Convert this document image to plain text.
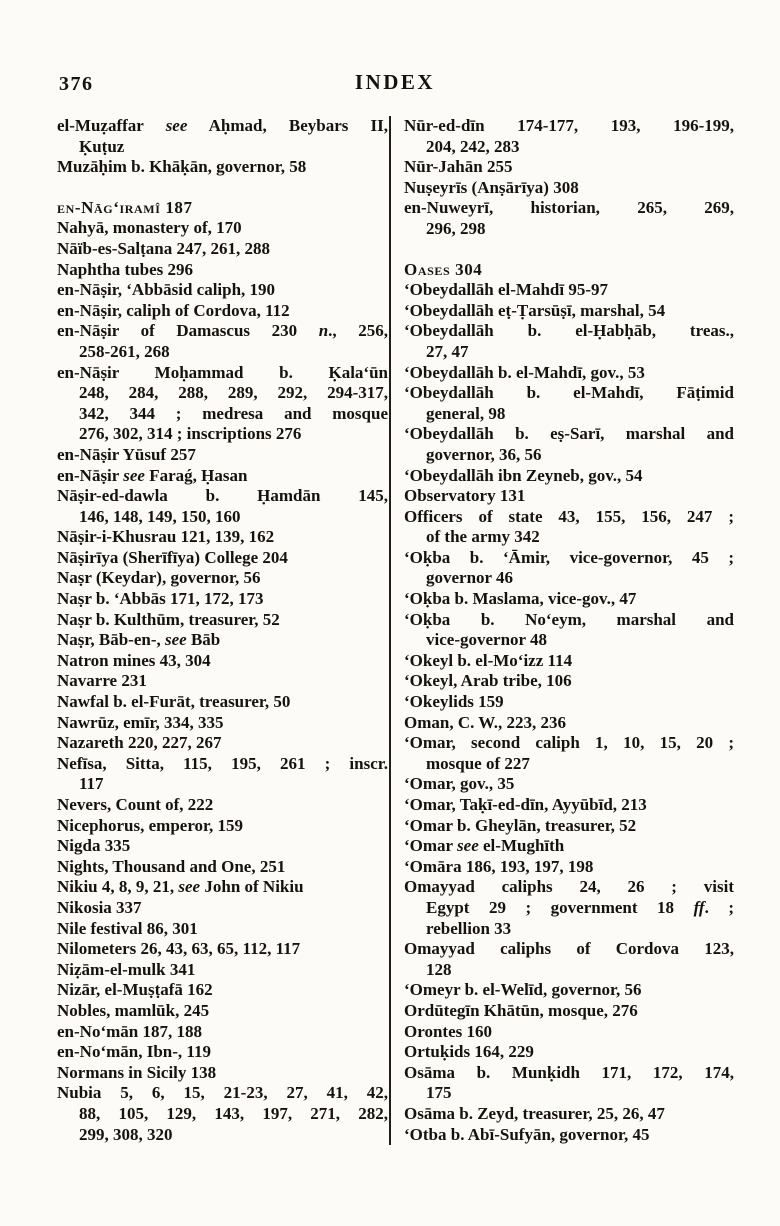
376	INDEX
el-Muẓaffar see Aḥmad, Beybars II,
Ḳuṭuz
Muzāḥim b. Khāḳān, governor, 58
en-Nāgʻiramî 187
Nahyā, monastery of, 170
Nāïb-es-Salṭana 247, 261, 288
Naphtha tubes 296
en-Nāṣir, ʻAbbāsid caliph, 190
en-Nāṣir, caliph of Cordova, 112
en-Nāṣir of Damascus 230 n., 256,
258-261, 268
en-Nāṣir Moḥammad b. Ḳalaʻūn
248, 284, 288, 289, 292, 294-317,
342, 344 ; medresa and mosque
276, 302, 314 ; inscriptions 276
en-Nāṣir Yūsuf 257
en-Nāṣir see Faraǵ, Ḥasan
Nāṣir-ed-dawla b. Ḥamdān 145,
146, 148, 149, 150, 160
Nāṣir-i-Khusrau 121, 139, 162
Nāṣirīya (Sherīfīya) College 204
Naṣr (Keydar), governor, 56
Naṣr b. ʻAbbās 171, 172, 173
Naṣr b. Kulthūm, treasurer, 52
Naṣr, Bāb-en-, see Bāb
Natron mines 43, 304
Navarre 231
Nawfal b. el-Furāt, treasurer, 50
Nawrūz, emīr, 334, 335
Nazareth 220, 227, 267
Nefīsa, Sitta, 115, 195, 261 ; inscr.
117
Nevers, Count of, 222
Nicephorus, emperor, 159
Nigda 335
Nights, Thousand and One, 251
Nikiu 4, 8, 9, 21, see John of Nikiu
Nikosia 337
Nile festival 86, 301
Nilometers 26, 43, 63, 65, 112, 117
Niẓām-el-mulk 341
Nizār, el-Muṣṭafā 162
Nobles, mamlūk, 245
en-Noʻmān 187, 188
en-Noʻmān, Ibn-, 119
Normans in Sicily 138
Nubia 5, 6, 15, 21-23, 27, 41, 42,
88, 105, 129, 143, 197, 271, 282,
299, 308, 320
Nūr-ed-dīn 174-177, 193, 196-199,
204, 242, 283
Nūr-Jahān 255
Nuṣeyrīs (Anṣārīya) 308
en-Nuweyrī, historian, 265, 269,
296, 298
Oases 304
ʻObeydallāh el-Mahdī 95-97
ʻObeydallāh eṭ-Ṭarsūṣī, marshal, 54
ʻObeydallāh b. el-Ḥabḥāb, treas.,
27, 47
ʻObeydallāh b. el-Mahdī, gov., 53
ʻObeydallāh b. el-Mahdī, Fāṭimid
general, 98
ʻObeydallāh b. eṣ-Sarī, marshal and
governor, 36, 56
ʻObeydallāh ibn Zeyneb, gov., 54
Observatory 131
Officers of state 43, 155, 156, 247 ;
of the army 342
ʻOḳba b. ʻĀmir, vice-governor, 45 ;
governor 46
ʻOḳba b. Maslama, vice-gov., 47
ʻOḳba b. Noʻeym, marshal and
vice-governor 48
ʻOkeyl b. el-Moʻizz 114
ʻOkeyl, Arab tribe, 106
ʻOkeylids 159
Oman, C. W., 223, 236
ʻOmar, second caliph 1, 10, 15, 20 ;
mosque of 227
ʻOmar, gov., 35
ʻOmar, Taḳī-ed-dīn, Ayyūbīd, 213
ʻOmar b. Gheylān, treasurer, 52
ʻOmar see el-Mughīth
ʻOmāra 186, 193, 197, 198
Omayyad caliphs 24, 26 ; visit
Egypt 29 ; government 18 ff. ;
rebellion 33
Omayyad caliphs of Cordova 123,
128
ʻOmeyr b. el-Welīd, governor, 56
Ordūtegīn Khātūn, mosque, 276
Orontes 160
Ortuḳids 164, 229
Osāma b. Munḳidh 171, 172, 174,
175
Osāma b. Zeyd, treasurer, 25, 26, 47
ʻOtba b. Abī-Sufyān, governor, 45
